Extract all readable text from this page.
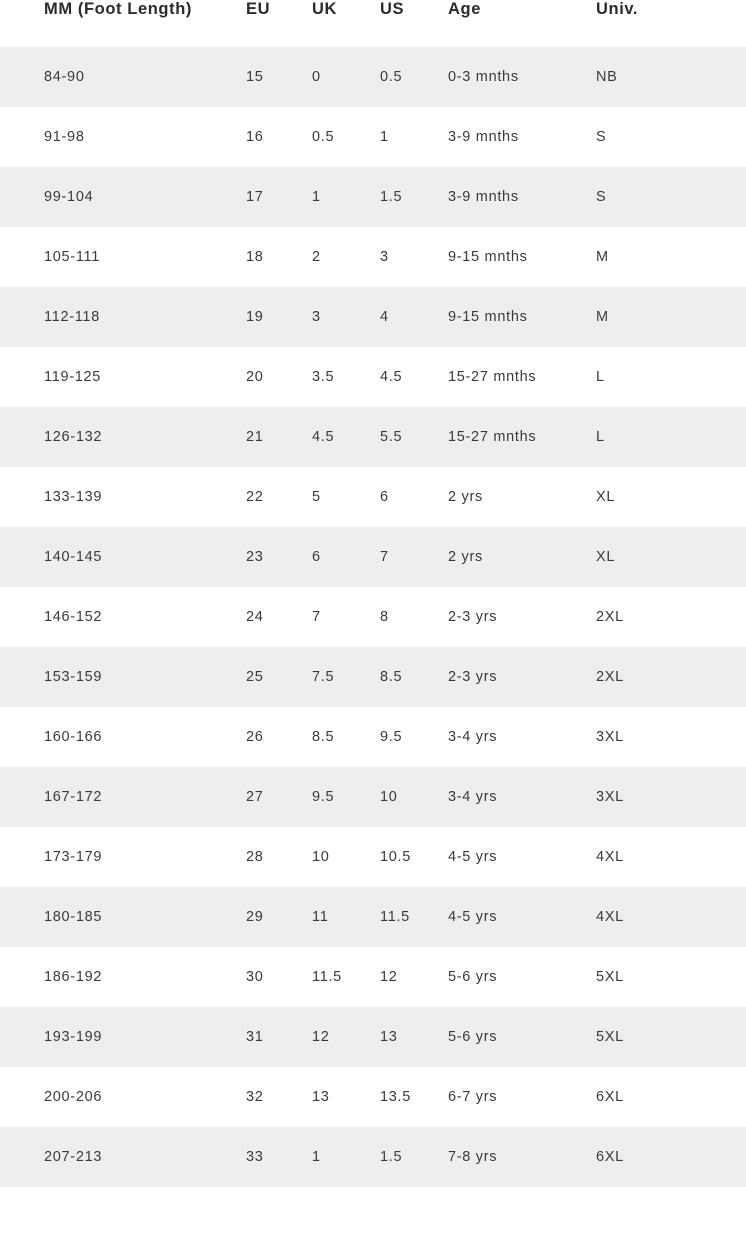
MM (Foot Length)	EU	UK	US	Age	Univ.	
84-90	15	0	0.5	0-3 mnths	NB	
91-98	16	0.5	1	3-9 mnths	S	
99-104	17	1	1.5	3-9 mnths	S	
105-111	18	2	3	9-15 mnths	M	
112-118	19	3	4	9-15 mnths	M	
119-125	20	3.5	4.5	15-27 mnths	L	
126-132	21	4.5	5.5	15-27 mnths	L	
133-139	22	5	6	2 yrs	XL	
140-145	23	6	7	2 yrs	XL	
146-152	24	7	8	2-3 yrs	2XL	
153-159	25	7.5	8.5	2-3 yrs	2XL	
160-166	26	8.5	9.5	3-4 yrs	3XL	
167-172	27	9.5	10	3-4 yrs	3XL	
173-179	28	10	10.5	4-5 yrs	4XL	
180-185	29	11	11.5	4-5 yrs	4XL	
186-192	30	11.5	12	5-6 yrs	5XL	
193-199	31	12	13	5-6 yrs	5XL	
200-206	32	13	13.5	6-7 yrs	6XL	
207-213	33	1	1.5	7-8 yrs	6XL	
